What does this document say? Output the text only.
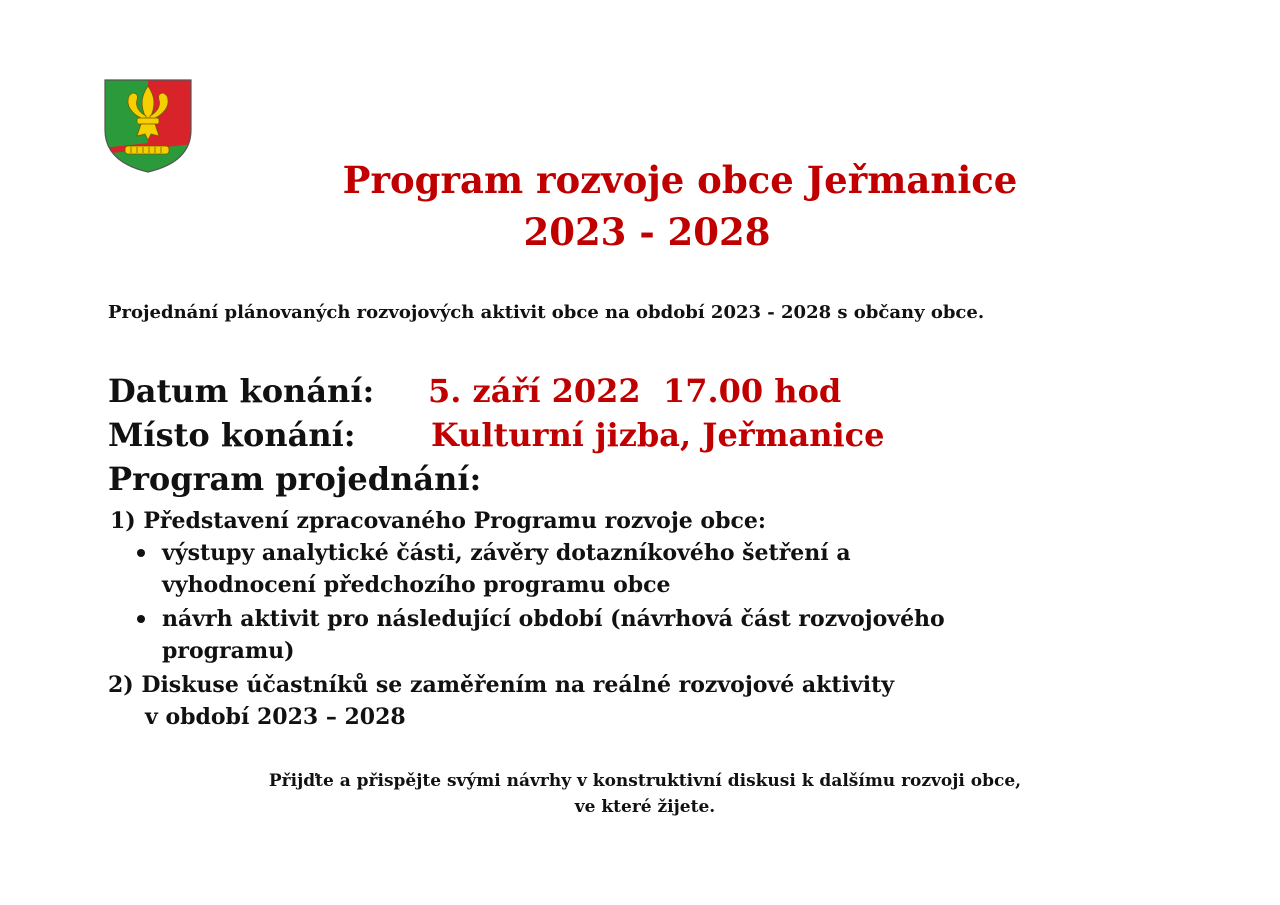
Program rozvoje obce Jeřmanice
2023 - 2028
Projednání plánovaných rozvojových aktivit obce na období 2023 - 2028 s občany obce.
Datum konání: 5. září 2022  17.00 hod
Místo konání: Kulturní jizba, Jeřmanice
Program projednání:
1) Představení zpracovaného Programu rozvoje obce:
výstupy analytické části, závěry dotazníkového šetření a
vyhodnocení předchozího programu obce
návrh aktivit pro následující období (návrhová část rozvojového
programu)
2) Diskuse účastníků se zaměřením na reálné rozvojové aktivity
v období 2023 – 2028
Přijďte a přispějte svými návrhy v konstruktivní diskusi k dalšímu rozvoji obce,
ve které žijete.
